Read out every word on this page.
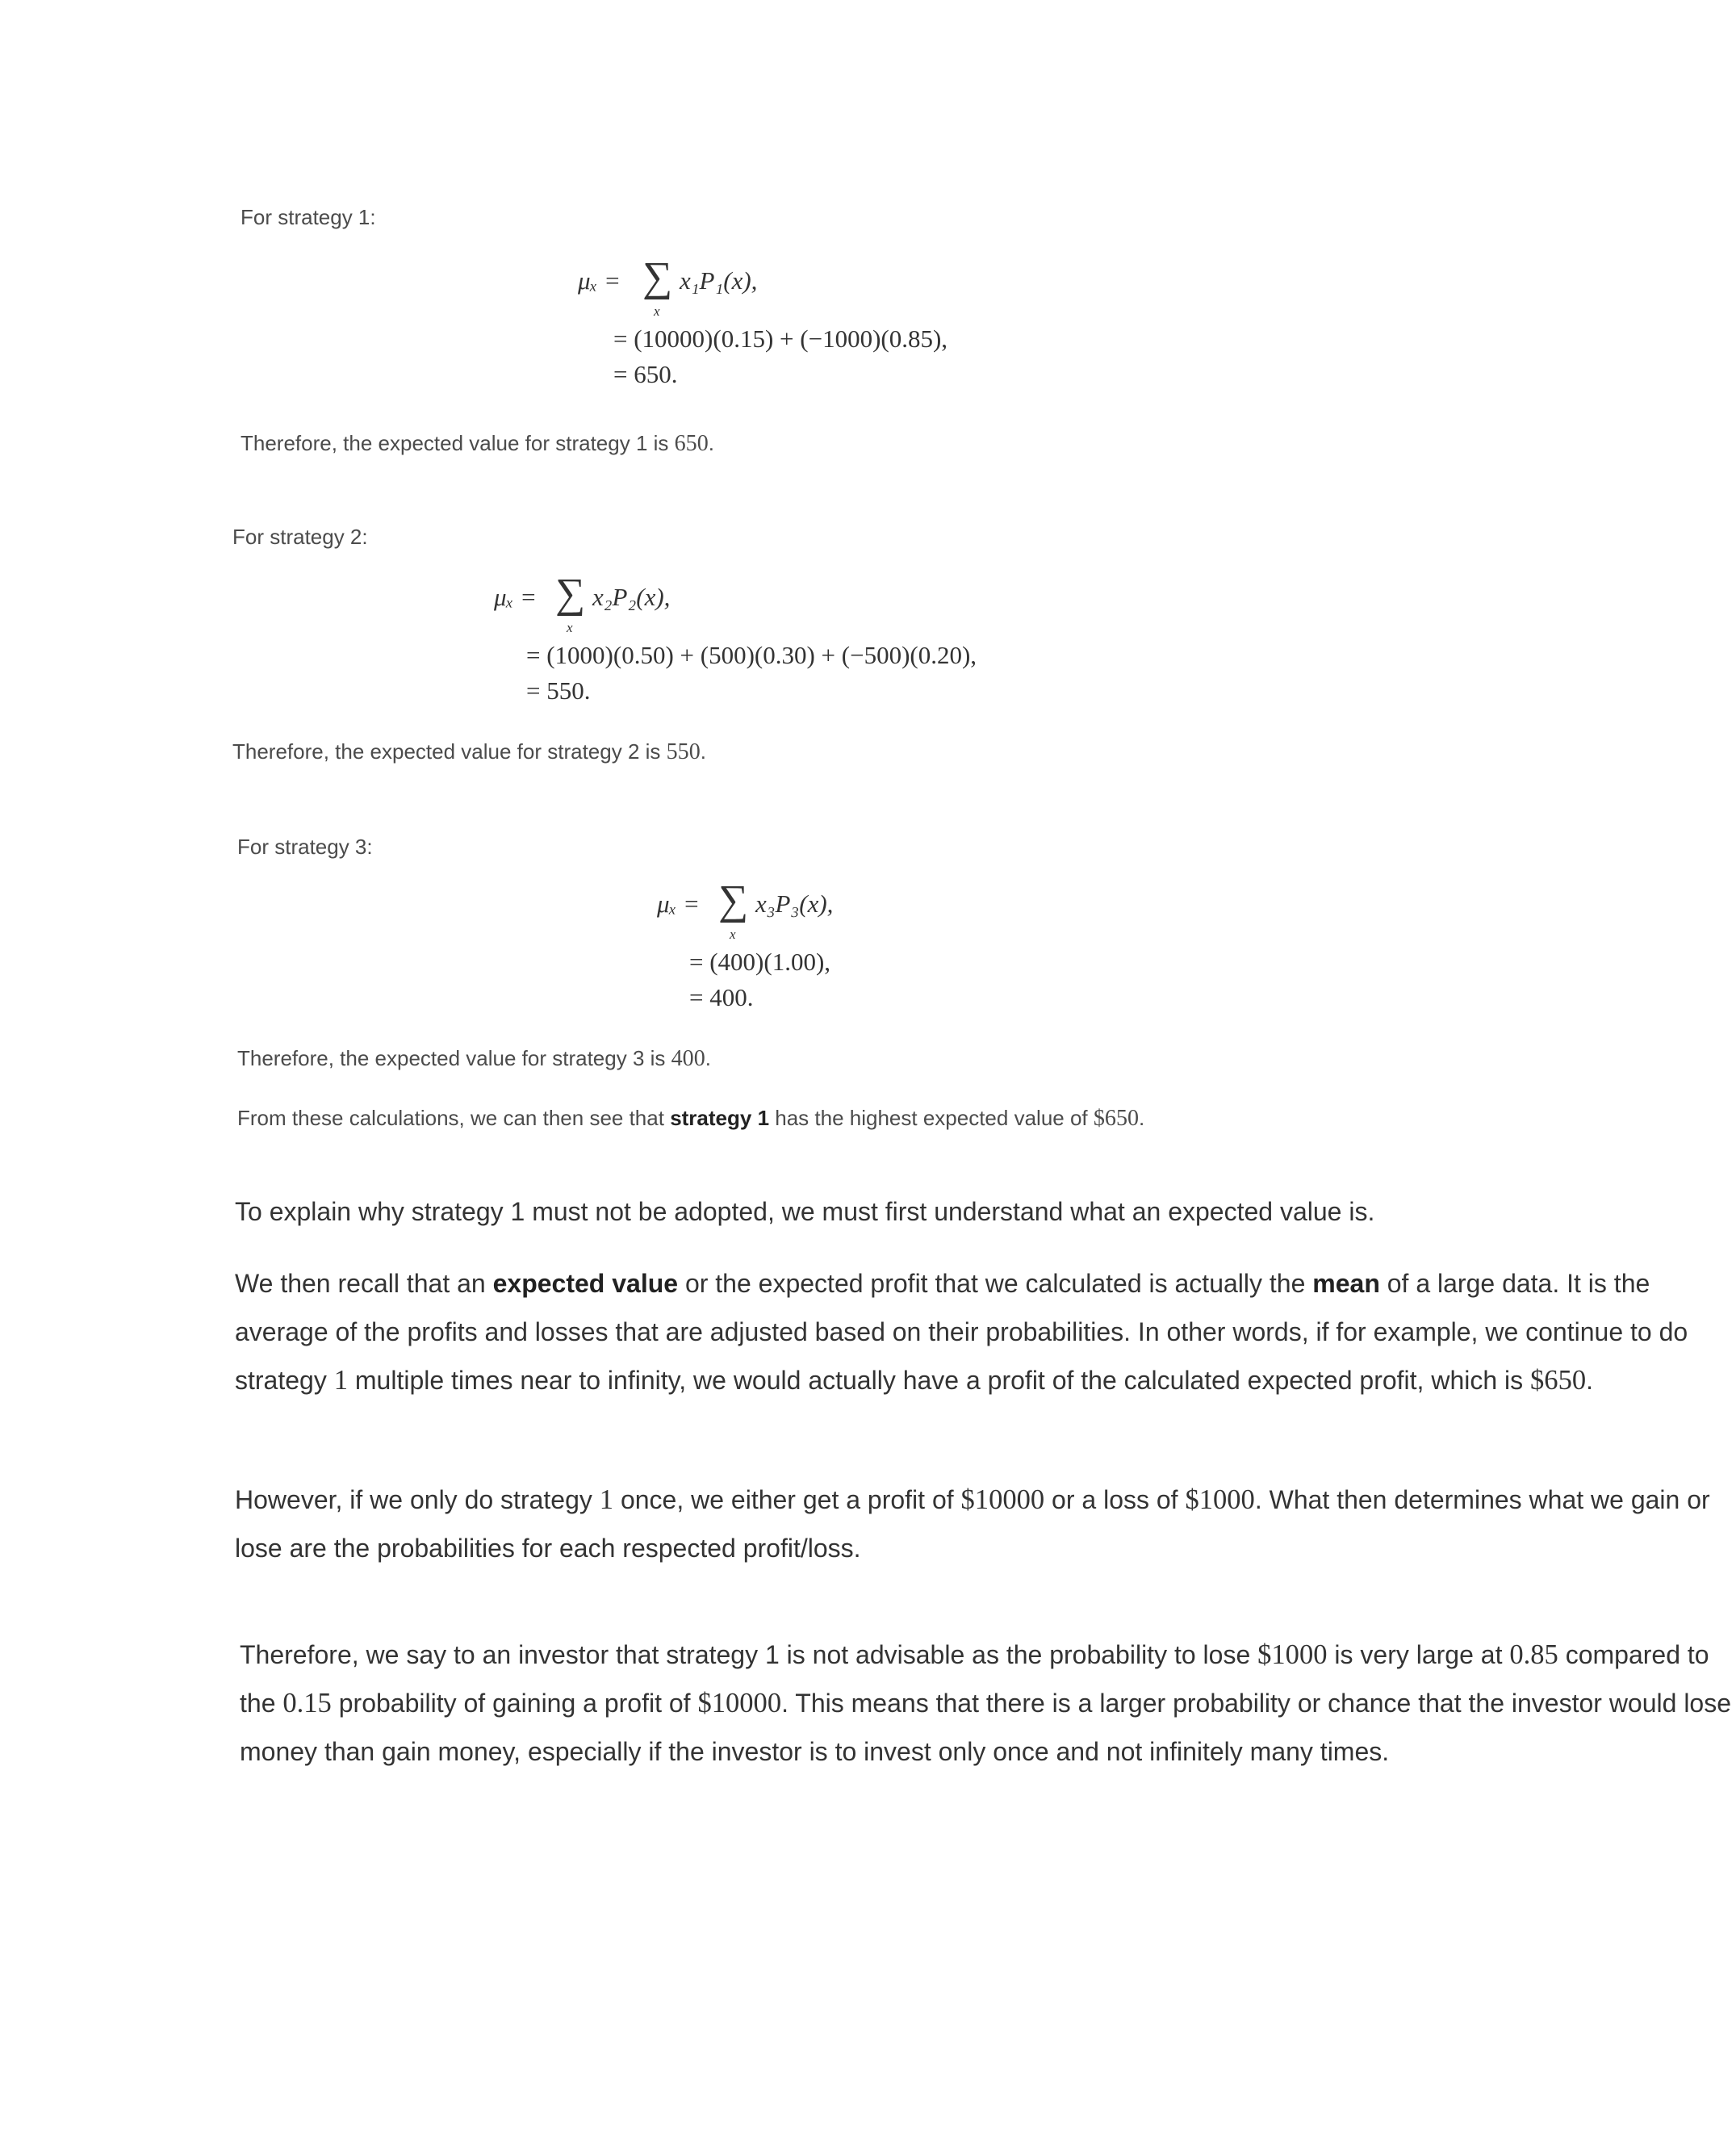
For strategy 1:
μₓ = ∑
x
x₁P₁(x),
= (10000)(0.15) + (−1000)(0.85),
= 650.
Therefore, the expected value for strategy 1 is 650.
For strategy 2:
μₓ = ∑
x
x₂P₂(x),
= (1000)(0.50) + (500)(0.30) + (−500)(0.20),
= 550.
Therefore, the expected value for strategy 2 is 550.
For strategy 3:
μₓ = ∑
x
x₃P₃(x),
= (400)(1.00),
= 400.
Therefore, the expected value for strategy 3 is 400.
From these calculations, we can then see that strategy 1 has the highest expected value of $650.
To explain why strategy 1 must not be adopted, we must first understand what an expected value is.
We then recall that an expected value or the expected profit that we calculated is actually the mean of a large data. It is the average of the profits and losses that are adjusted based on their probabilities. In other words, if for example, we continue to do strategy 1 multiple times near to infinity, we would actually have a profit of the calculated expected profit, which is $650.
However, if we only do strategy 1 once, we either get a profit of $10000 or a loss of $1000. What then determines what we gain or lose are the probabilities for each respected profit/loss.
Therefore, we say to an investor that strategy 1 is not advisable as the probability to lose $1000 is very large at 0.85 compared to the 0.15 probability of gaining a profit of $10000. This means that there is a larger probability or chance that the investor would lose money than gain money, especially if the investor is to invest only once and not infinitely many times.
